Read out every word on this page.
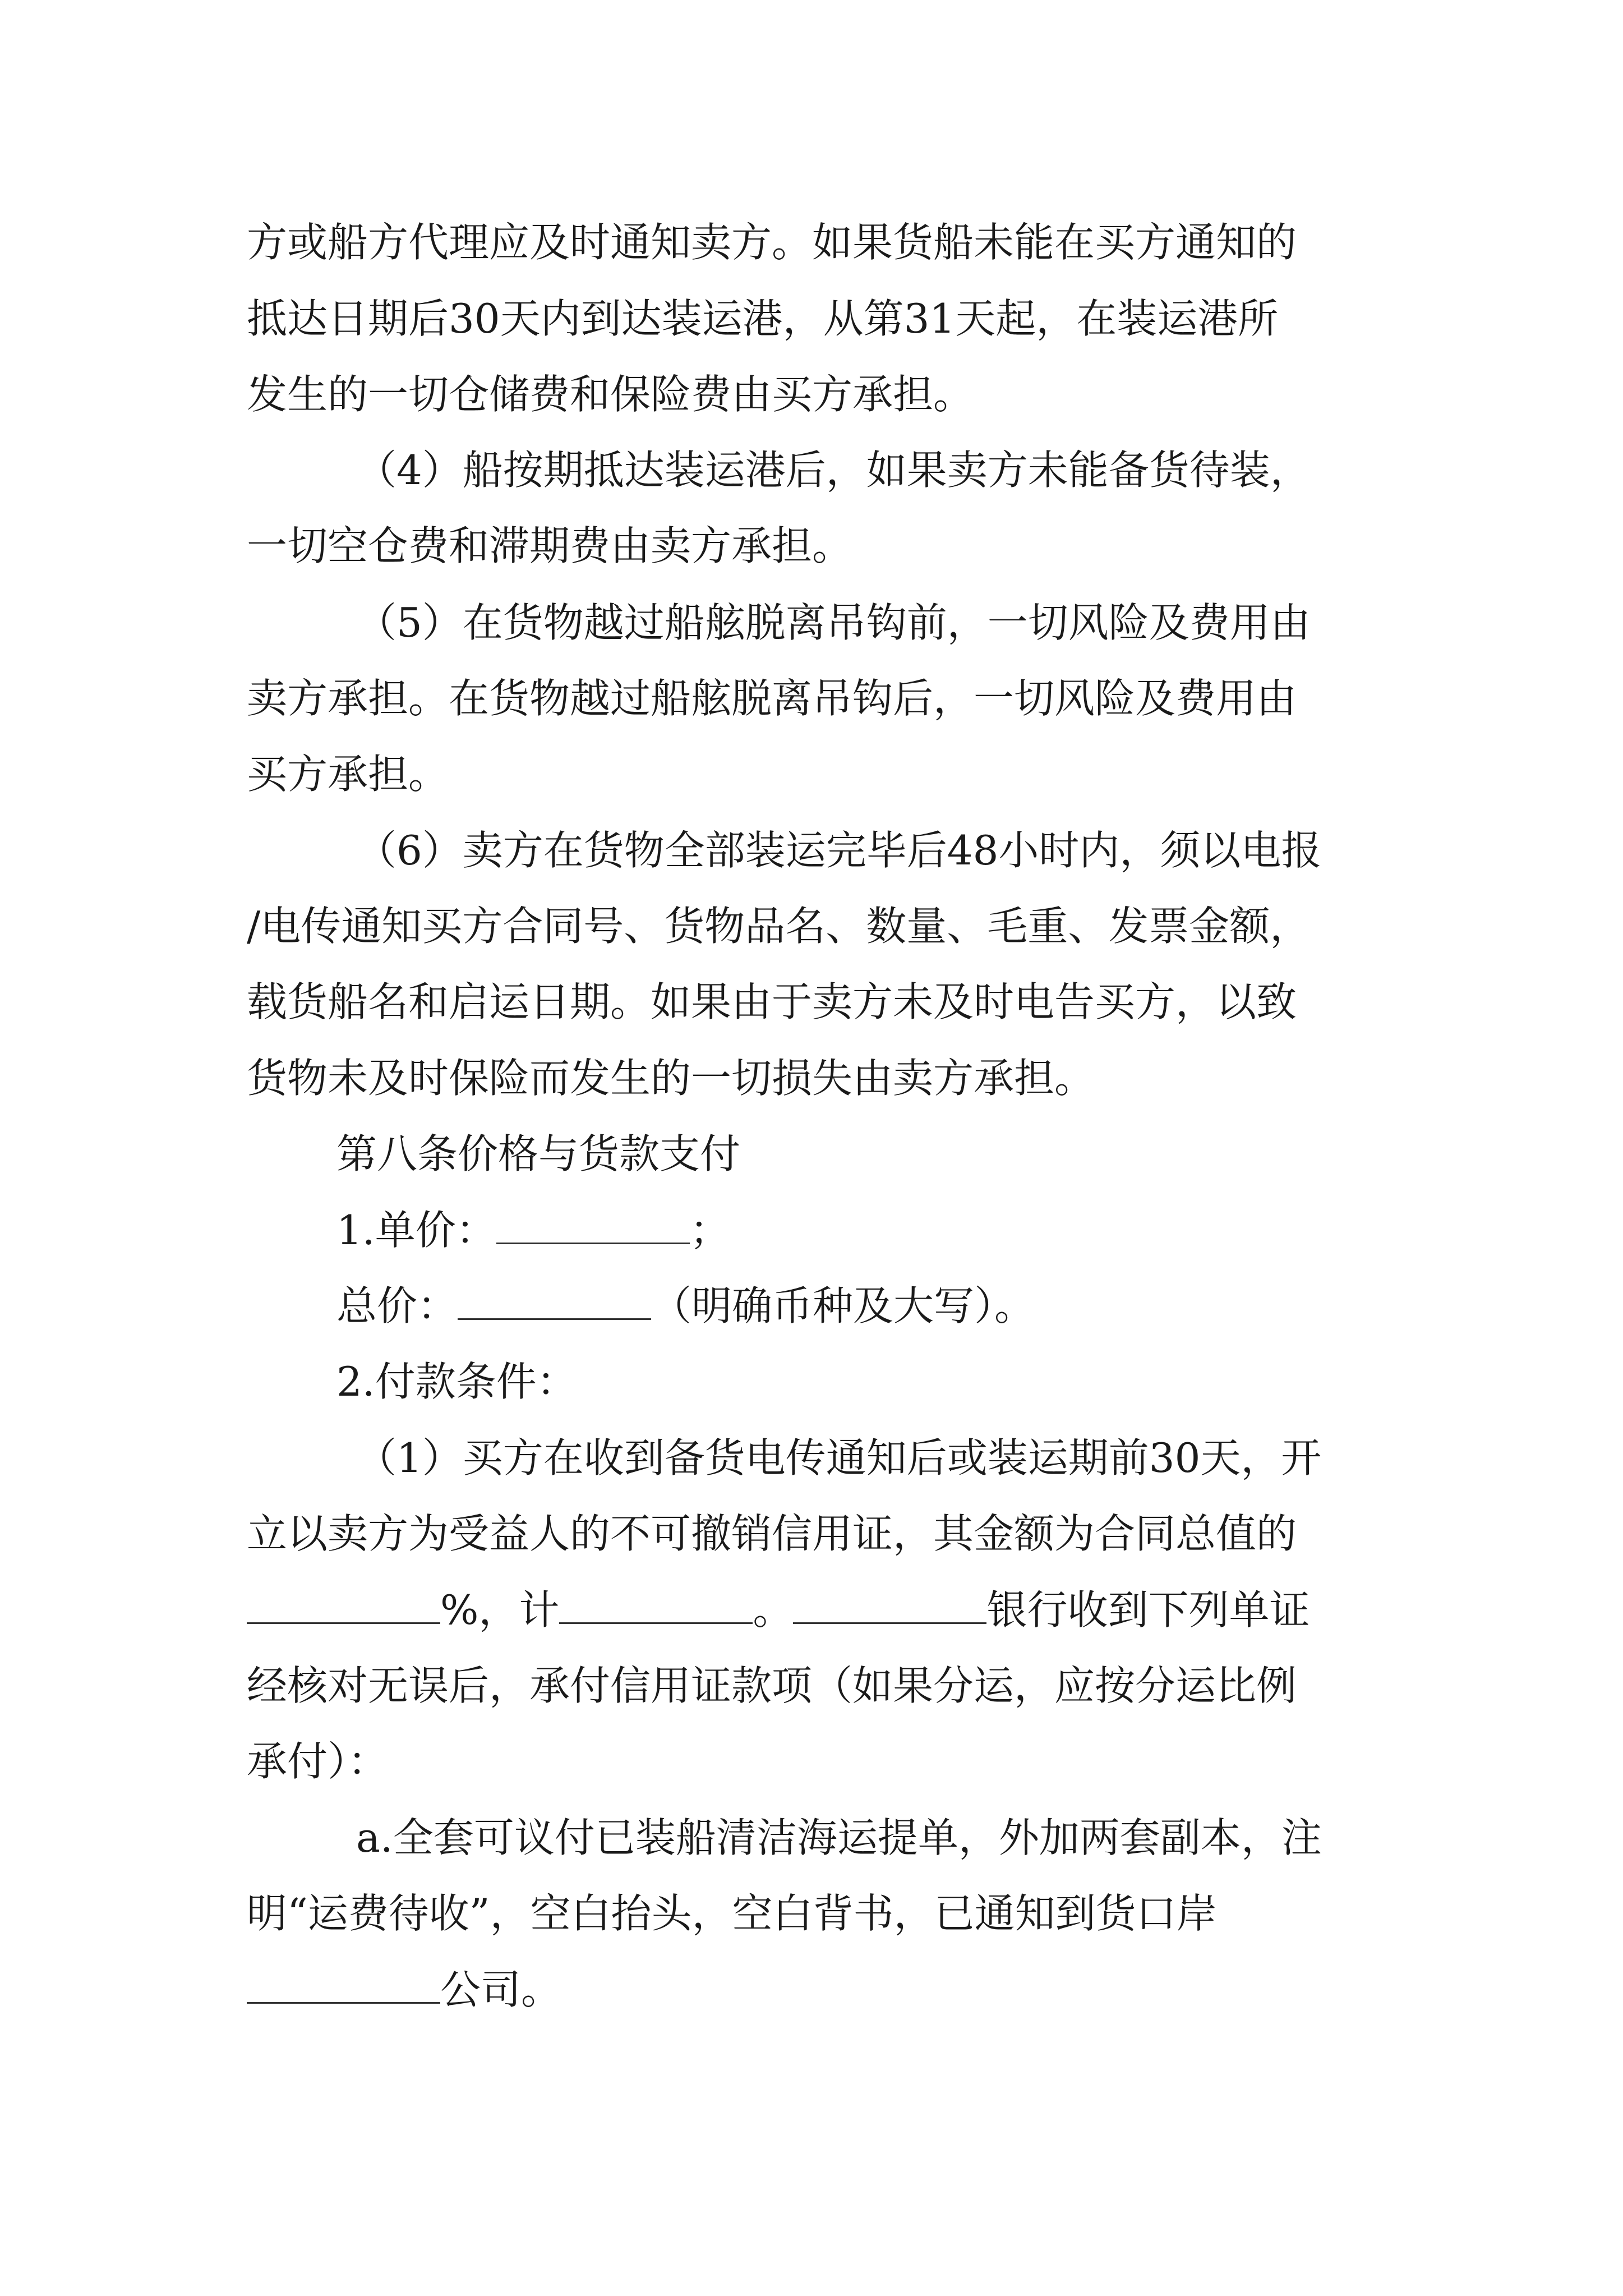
方或船方代理应及时通知卖方。如果货船未能在买方通知的
抵达日期后30天内到达装运港，从第31天起，在装运港所
发生的一切仓储费和保险费由买方承担。
（4）船按期抵达装运港后，如果卖方未能备货待装，
一切空仓费和滞期费由卖方承担。
（5）在货物越过船舷脱离吊钩前，一切风险及费用由
卖方承担。在货物越过船舷脱离吊钩后，一切风险及费用由
买方承担。
（6）卖方在货物全部装运完毕后48小时内，须以电报
/电传通知买方合同号、货物品名、数量、毛重、发票金额，
载货船名和启运日期。如果由于卖方未及时电告买方，以致
货物未及时保险而发生的一切损失由卖方承担。
第八条价格与货款支付
1.单价：	；
总价：	（明确币种及大写）。
2.付款条件：
（1）买方在收到备货电传通知后或装运期前30天，开
立以卖方为受益人的不可撤销信用证，其金额为合同总值的
%，计	。	银行收到下列单证
经核对无误后，承付信用证款项（如果分运，应按分运比例
承付）：
a.全套可议付已装船清洁海运提单，外加两套副本，注
明“运费待收”，空白抬头，空白背书，已通知到货口岸
公司。
